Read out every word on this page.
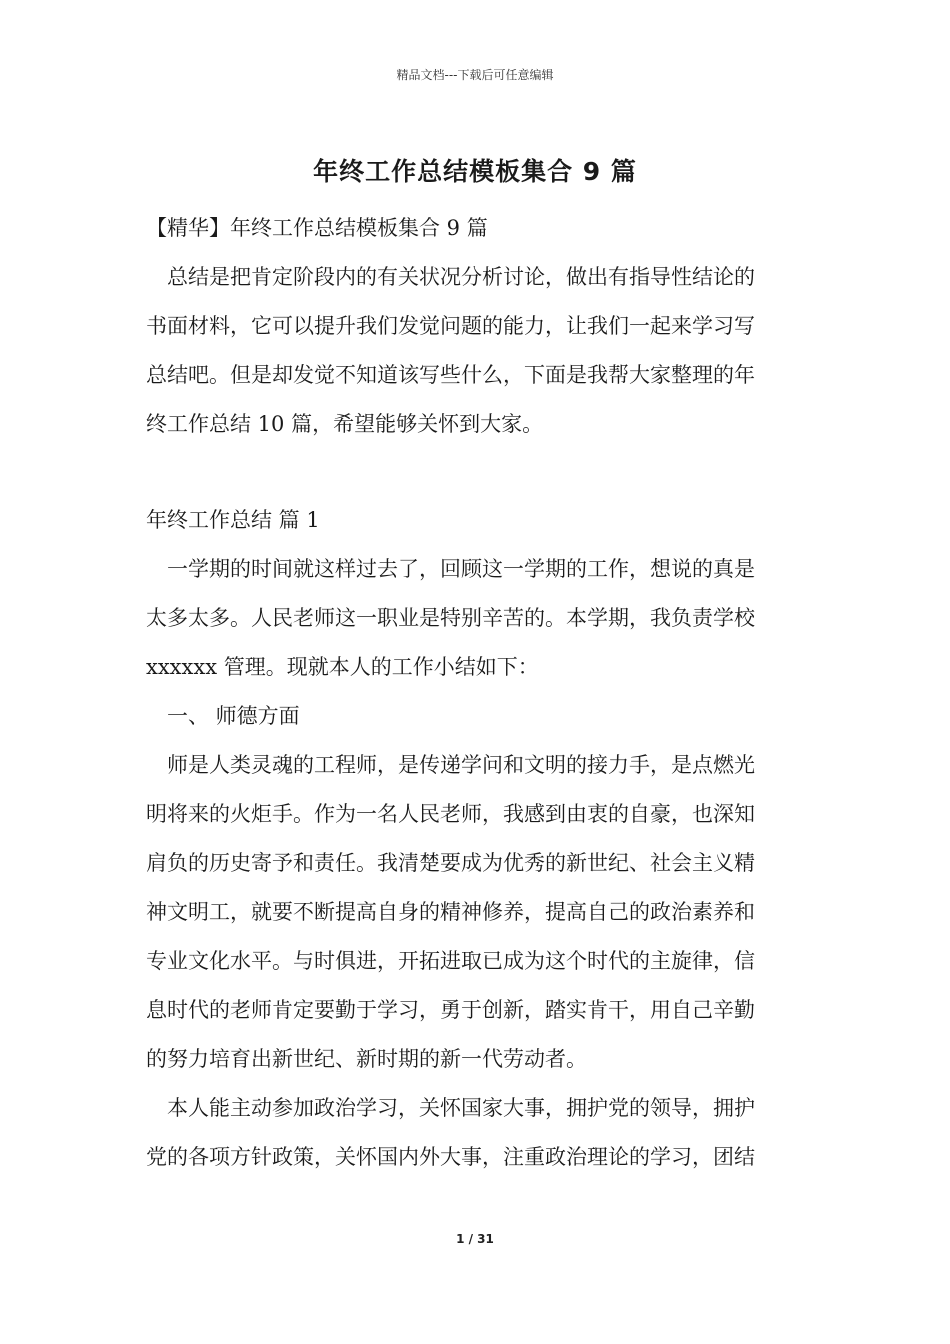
精品文档---下载后可任意编辑
年终工作总结模板集合 9 篇
【精华】年终工作总结模板集合 9 篇
　总结是把肯定阶段内的有关状况分析讨论，做出有指导性结论的
书面材料，它可以提升我们发觉问题的能力，让我们一起来学习写
总结吧。但是却发觉不知道该写些什么，下面是我帮大家整理的年
终工作总结 10 篇，希望能够关怀到大家。
年终工作总结 篇 1
　一学期的时间就这样过去了，回顾这一学期的工作，想说的真是
太多太多。人民老师这一职业是特别辛苦的。本学期，我负责学校
xxxxxx 管理。现就本人的工作小结如下：
　一、 师德方面
　师是人类灵魂的工程师，是传递学问和文明的接力手，是点燃光
明将来的火炬手。作为一名人民老师，我感到由衷的自豪，也深知
肩负的历史寄予和责任。我清楚要成为优秀的新世纪、社会主义精
神文明工，就要不断提高自身的精神修养，提高自己的政治素养和
专业文化水平。与时俱进，开拓进取已成为这个时代的主旋律，信
息时代的老师肯定要勤于学习，勇于创新，踏实肯干，用自己辛勤
的努力培育出新世纪、新时期的新一代劳动者。
　本人能主动参加政治学习，关怀国家大事，拥护党的领导，拥护
党的各项方针政策，关怀国内外大事，注重政治理论的学习，团结
1 / 31
